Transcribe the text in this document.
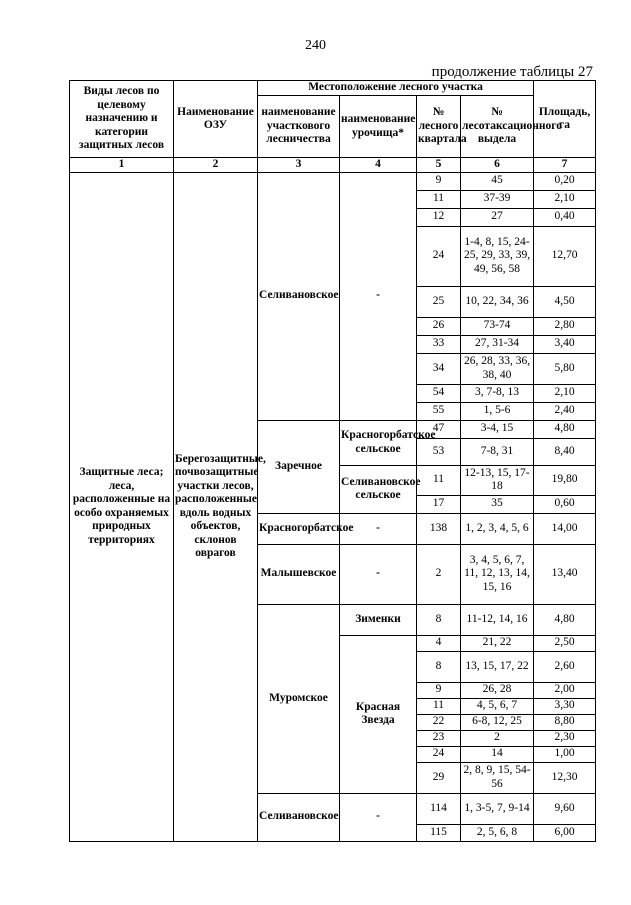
240
продолжение таблицы 27
Виды лесов по целевому назначению и категории защитных лесов	Наименование ОЗУ	Местоположение лесного участка				Площадь, га
		наименование участкового лесничества	наименование урочища*	№ лесного квартала	№ лесотаксационного выдела	
1	2	3	4	5	6	7
Защитные леса; леса, расположенные на особо охраняемых природных территориях	Берегозащитные, почвозащитные участки лесов, расположенные вдоль водных объектов, склонов оврагов	Селивановское	-	9	45	0,20
				11	37-39	2,10
				12	27	0,40
				24	1-4, 8, 15, 24-25, 29, 33, 39, 49, 56, 58	12,70
				25	10, 22, 34, 36	4,50
				26	73-74	2,80
				33	27, 31-34	3,40
				34	26, 28, 33, 36, 38, 40	5,80
				54	3, 7-8, 13	2,10
				55	1, 5-6	2,40
		Заречное	Красногорбатское сельское	47	3-4, 15	4,80
				53	7-8, 31	8,40
			Селивановское сельское	11	12-13, 15, 17-18	19,80
				17	35	0,60
		Красногорбатское	-	138	1, 2, 3, 4, 5, 6	14,00
		Малышевское	-	2	3, 4, 5, 6, 7, 11, 12, 13, 14, 15, 16	13,40
		Муромское	Зименки	8	11-12, 14, 16	4,80
			Красная Звезда	4	21, 22	2,50
				8	13, 15, 17, 22	2,60
				9	26, 28	2,00
				11	4, 5, 6, 7	3,30
				22	6-8, 12, 25	8,80
				23	2	2,30
				24	14	1,00
				29	2, 8, 9, 15, 54-56	12,30
		Селивановское	-	114	1, 3-5, 7, 9-14	9,60
				115	2, 5, 6, 8	6,00
